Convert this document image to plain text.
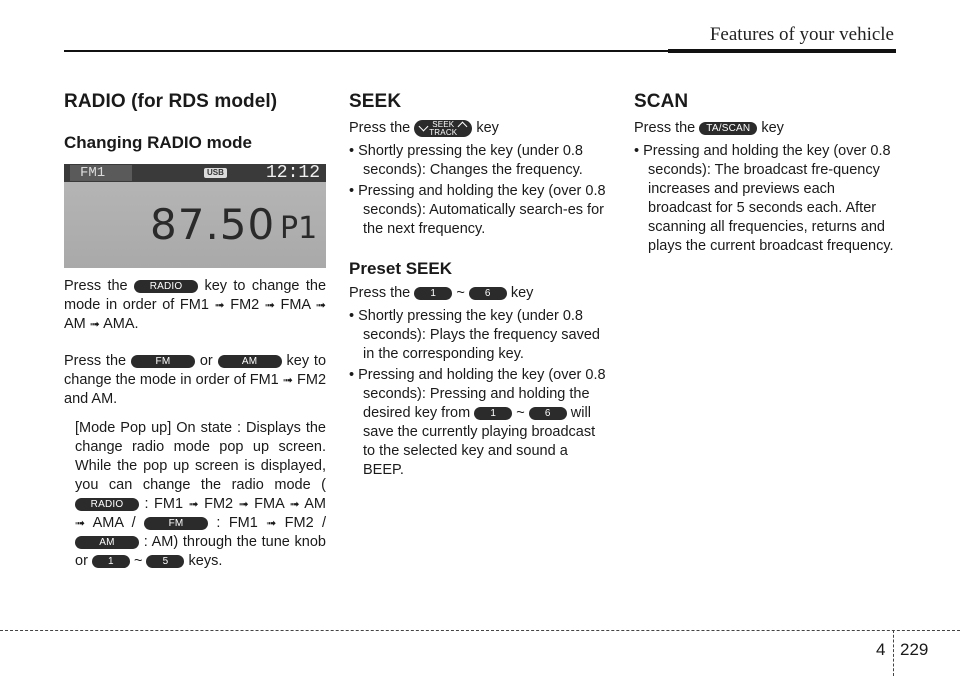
Features of your vehicle
RADIO (for RDS model)
Changing RADIO mode
FM1	USB 12:12
87.50 P1

Press the RADIO key to change the mode in order of FM1 ➟ FM2 ➟ FMA ➟ AM ➟ AMA.

Press the	FM or	AM key to change the mode in order of FM1 ➟ FM2 and AM.

[Mode Pop up] On state : Displays the change radio mode pop up screen. While the pop up screen is displayed, you can change the radio mode (RADIO : FM1 ➟ FM2 ➟ FMA ➟ AM ➟ AMA /	FM : FM1 ➟ FM2 / AM : AM) through the tune knob or 1 ~ 5 keys.

SEEK

Press the	SEEK
TRACK	key

• Shortly pressing the key (under 0.8 seconds): Changes the frequency.

• Pressing and holding the key (over 0.8 seconds): Automatically search-es for the next frequency.

Preset SEEK

Press the 1 ~ 6 key

• Shortly pressing the key (under 0.8 seconds): Plays the frequency saved in the corresponding key.

• Pressing and holding the key (over 0.8 seconds): Pressing and holding the desired key from 1 ~ 6 will save the currently playing broadcast to the selected key and sound a BEEP.

SCAN

Press the TA/SCAN key

• Pressing and holding the key (over 0.8 seconds): The broadcast fre-quency increases and previews each broadcast for 5 seconds each. After scanning all frequencies, returns and plays the current broadcast frequency.

4 229
